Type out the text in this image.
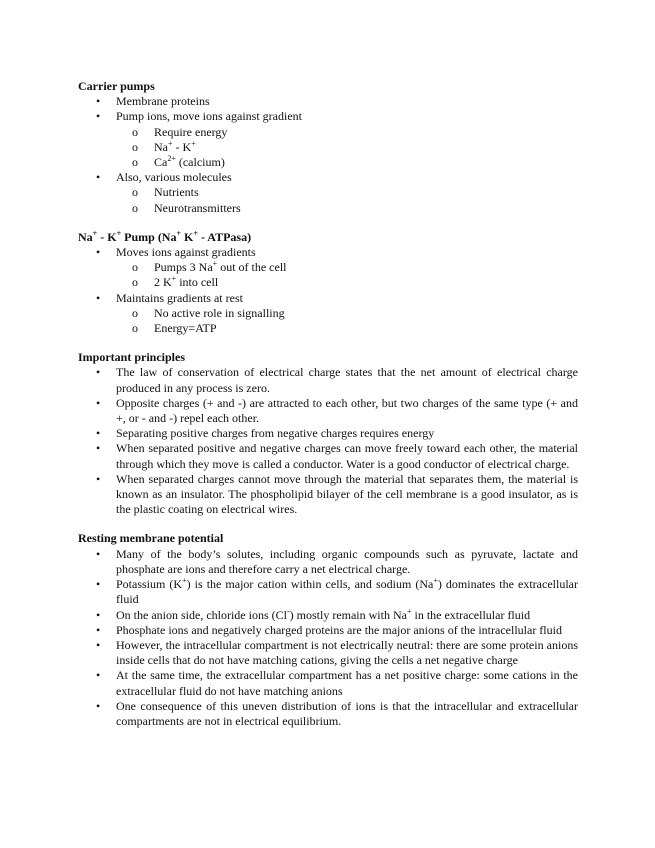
Carrier pumps

• Membrane proteins
• Pump ions, move ions against gradient
o Require energy
o Na+ - K+
o $Ca^{2+}$ (calcium)
• Also, various molecules
o Nutrients
o Neurotransmitters

Na+ - K+ Pump (Na+ K+ - ATPasa)

• Moves ions against gradients
o Pumps 3 Na+ out of the cell
o 2 K+ into cell
• Maintains gradients at rest
o No active role in signalling
o Energy=ATP

Important principles

• The law of conservation of electrical charge states that the net amount of electrical charge produced in any process is zero.
• Opposite charges (+ and -) are attracted to each other, but two charges of the same type (+ and +, or - and -) repel each other.
• Separating positive charges from negative charges requires energy
• When separated positive and negative charges can move freely toward each other, the material through which they move is called a conductor. Water is a good conductor of electrical charge.
• When separated charges cannot move through the material that separates them, the material is known as an insulator. The phospholipid bilayer of the cell membrane is a good insulator, as is the plastic coating on electrical wires.

Resting membrane potential

• Many of the body’s solutes, including organic compounds such as pyruvate, lactate and phosphate are ions and therefore carry a net electrical charge.
• Potassium (K+) is the major cation within cells, and sodium (Na+) dominates the extracellular fluid
• On the anion side, chloride ions (Cl-) mostly remain with Na+ in the extracellular fluid
• Phosphate ions and negatively charged proteins are the major anions of the intracellular fluid
• However, the intracellular compartment is not electrically neutral: there are some protein anions inside cells that do not have matching cations, giving the cells a net negative charge
• At the same time, the extracellular compartment has a net positive charge: some cations in the extracellular fluid do not have matching anions
• One consequence of this uneven distribution of ions is that the intracellular and extracellular compartments are not in electrical equilibrium.
